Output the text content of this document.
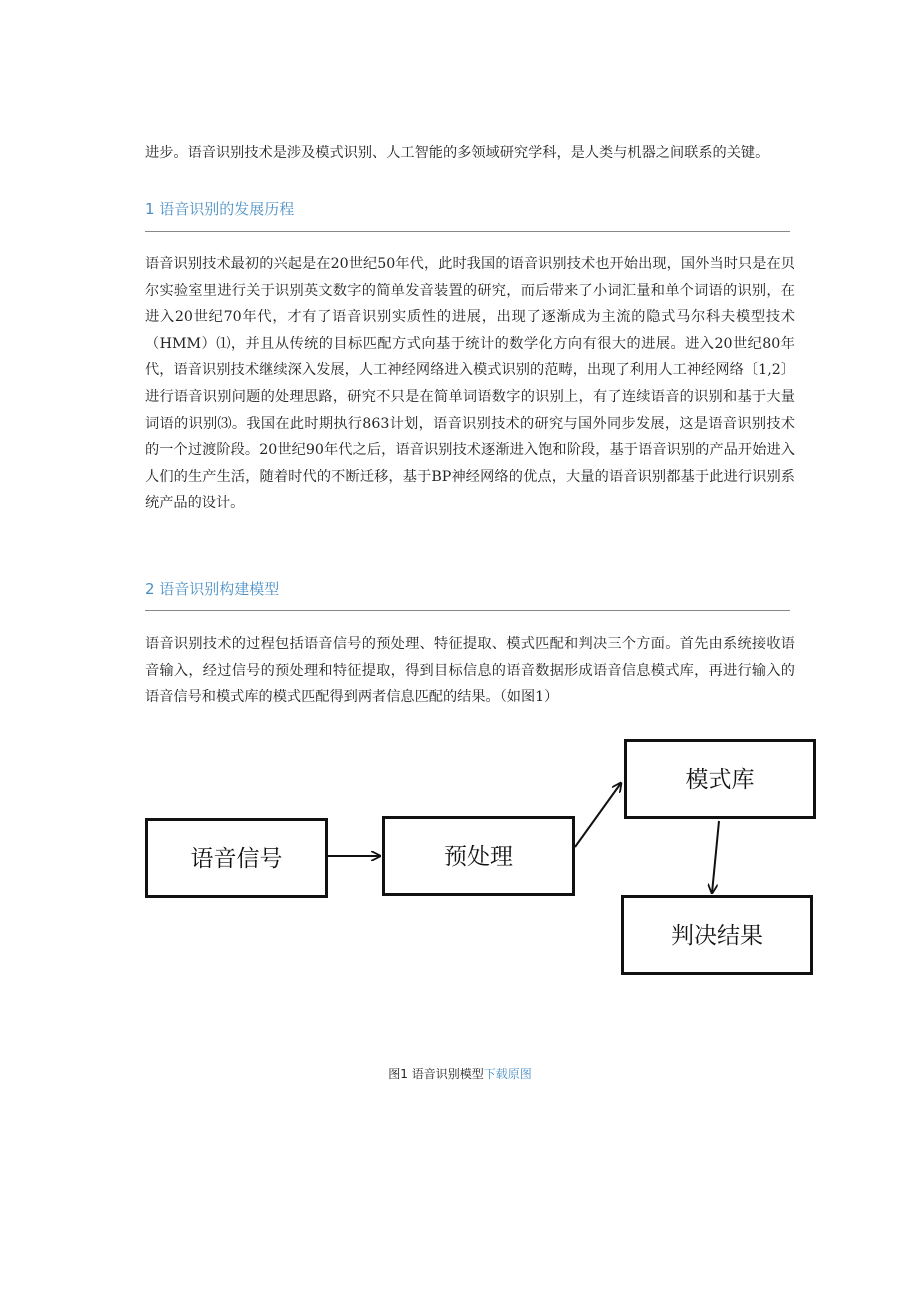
进步。语音识别技术是涉及模式识别、人工智能的多领域研究学科，是人类与机器之间联系的关键。

1 语音识别的发展历程

语音识别技术最初的兴起是在20世纪50年代，此时我国的语音识别技术也开始出现，国外当时只是在贝尔实验室里进行关于识别英文数字的简单发音装置的研究，而后带来了小词汇量和单个词语的识别，在进入20世纪70年代，才有了语音识别实质性的进展，出现了逐渐成为主流的隐式马尔科夫模型技术（HMM）⑴，并且从传统的目标匹配方式向基于统计的数学化方向有很大的进展。进入20世纪80年代，语音识别技术继续深入发展，人工神经网络进入模式识别的范畴，出现了利用人工神经网络〔1,2〕进行语音识别问题的处理思路，研究不只是在简单词语数字的识别上，有了连续语音的识别和基于大量词语的识别⑶。我国在此时期执行863计划，语音识别技术的研究与国外同步发展，这是语音识别技术的一个过渡阶段。20世纪90年代之后，语音识别技术逐渐进入饱和阶段，基于语音识别的产品开始进入人们的生产生活，随着时代的不断迁移，基于BP神经网络的优点，大量的语音识别都基于此进行识别系统产品的设计。

2 语音识别构建模型

语音识别技术的过程包括语音信号的预处理、特征提取、模式匹配和判决三个方面。首先由系统接收语音输入，经过信号的预处理和特征提取，得到目标信息的语音数据形成语音信息模式库，再进行输入的语音信号和模式库的模式匹配得到两者信息匹配的结果。（如图1）

语音信号	预处理
模式库
判决结果
图1 语音识别模型下载原图
